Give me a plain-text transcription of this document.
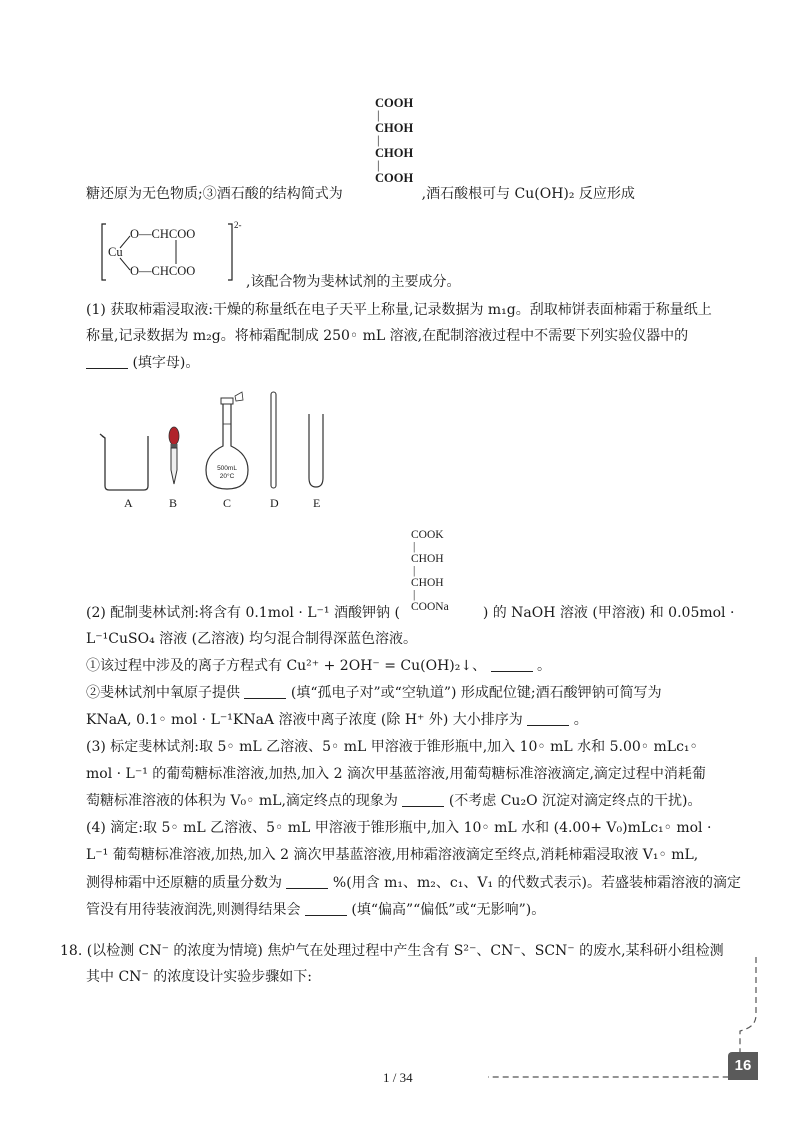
COOH
|
CHOH
|
CHOH
|
COOH
糖还原为无色物质;③酒石酸的结构简式为	,酒石酸根可与 Cu(OH)₂ 反应形成
Cu
O—CHCOO
O—CHCOO
2-
,该配合物为斐林试剂的主要成分。
(1) 获取柿霜浸取液:干燥的称量纸在电子天平上称量,记录数据为 m₁g。刮取柿饼表面柿霜于称量纸上
称量,记录数据为 m₂g。将柿霜配制成 250◦ mL 溶液,在配制溶液过程中不需要下列实验仪器中的
(填字母)。
500mL
20°C
A	B	C	D	E
COOK
|
CHOH
|
CHOH
|
COONa
(2) 配制斐林试剂:将含有 0.1mol · L⁻¹ 酒酸钾钠 (	) 的 NaOH 溶液 (甲溶液) 和 0.05mol ·
L⁻¹CuSO₄ 溶液 (乙溶液) 均匀混合制得深蓝色溶液。
①该过程中涉及的离子方程式有 Cu²⁺ + 2OH⁻ = Cu(OH)₂↓、	。
②斐林试剂中氧原子提供	(填“孤电子对”或“空轨道”) 形成配位键;酒石酸钾钠可简写为
KNaA, 0.1◦ mol · L⁻¹KNaA 溶液中离子浓度 (除 H⁺ 外) 大小排序为	。
(3) 标定斐林试剂:取 5◦ mL 乙溶液、5◦ mL 甲溶液于锥形瓶中,加入 10◦ mL 水和 5.00◦ mLc₁◦
mol · L⁻¹ 的葡萄糖标准溶液,加热,加入 2 滴次甲基蓝溶液,用葡萄糖标准溶液滴定,滴定过程中消耗葡
萄糖标准溶液的体积为 V₀◦ mL,滴定终点的现象为	(不考虑 Cu₂O 沉淀对滴定终点的干扰)。
(4) 滴定:取 5◦ mL 乙溶液、5◦ mL 甲溶液于锥形瓶中,加入 10◦ mL 水和 (4.00+ V₀)mLc₁◦ mol ·
L⁻¹ 葡萄糖标准溶液,加热,加入 2 滴次甲基蓝溶液,用柿霜溶液滴定至终点,消耗柿霜浸取液 V₁◦ mL,
测得柿霜中还原糖的质量分数为	%(用含 m₁、m₂、c₁、V₁ 的代数式表示)。若盛装柿霜溶液的滴定
管没有用待装液润洗,则测得结果会	(填“偏高”“偏低”或“无影响”)。
18. (以检测 CN⁻ 的浓度为情境) 焦炉气在处理过程中产生含有 S²⁻、CN⁻、SCN⁻ 的废水,某科研小组检测
其中 CN⁻ 的浓度设计实验步骤如下:
16
1 / 34
